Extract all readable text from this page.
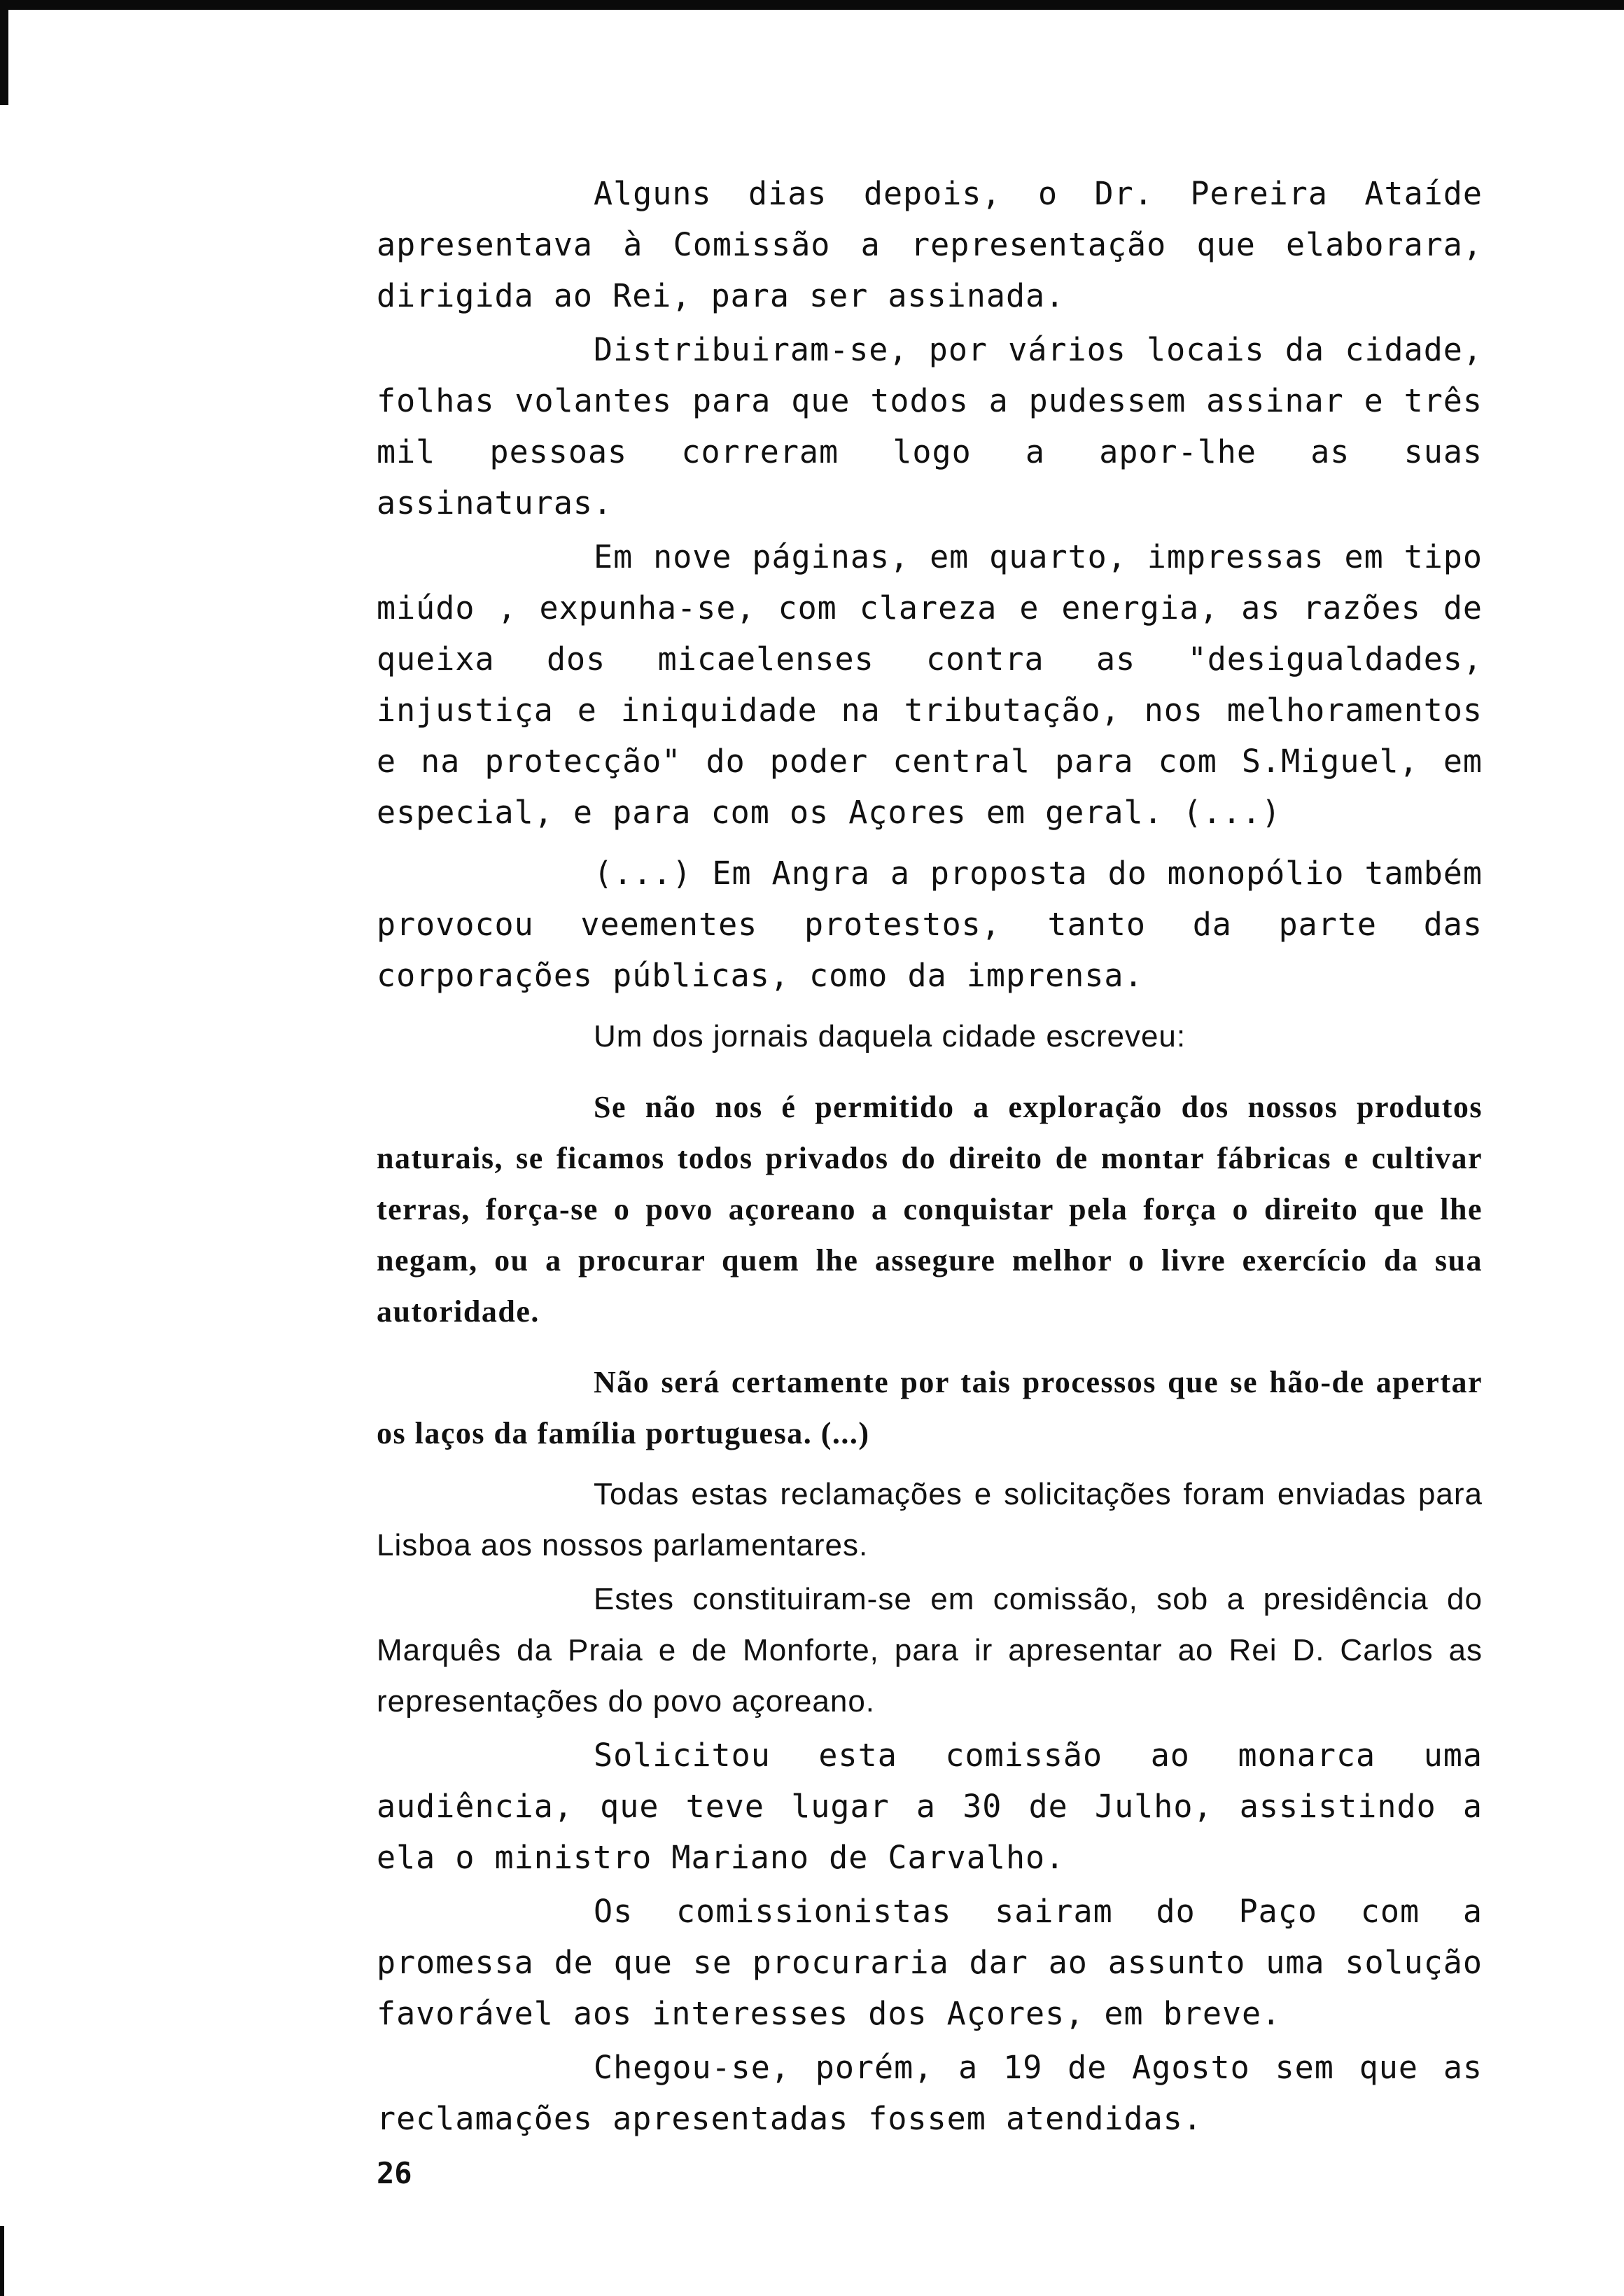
Alguns dias depois, o Dr. Pereira Ataíde apresentava à Comissão a representação que elaborara, dirigida ao Rei, para ser assinada.

Distribuiram-se, por vários locais da cidade, folhas volantes para que todos a pudessem assinar e três mil pessoas correram logo a apor-lhe as suas assinaturas.

Em nove páginas, em quarto, impressas em tipo miúdo , expunha-se, com clareza e energia, as razões de queixa dos micaelenses contra as "desigualdades, injustiça e iniquidade na tributação, nos melhoramentos e na protecção" do poder central para com S.Miguel, em especial, e para com os Açores em geral. (...)

(...) Em Angra a proposta do monopólio também provocou veementes protestos, tanto da parte das corporações públicas, como da imprensa.

Um dos jornais daquela cidade escreveu:

Se não nos é permitido a exploração dos nossos produtos naturais, se ficamos todos privados do direito de montar fábricas e cultivar terras, força-se o povo açoreano a conquistar pela força o direito que lhe negam, ou a procurar quem lhe assegure melhor o livre exercício da sua autoridade.

Não será certamente por tais processos que se hão-de apertar os laços da família portuguesa. (...)

Todas estas reclamações e solicitações foram enviadas para Lisboa aos nossos parlamentares.

Estes constituiram-se em comissão, sob a presidência do Marquês da Praia e de Monforte, para ir apresentar ao Rei D. Carlos as representações do povo açoreano.

Solicitou esta comissão ao monarca uma audiência, que teve lugar a 30 de Julho, assistindo a ela o ministro Mariano de Carvalho.

Os comissionistas sairam do Paço com a promessa de que se procuraria dar ao assunto uma solução favorável aos interesses dos Açores, em breve.

Chegou-se, porém, a 19 de Agosto sem que as reclamações apresentadas fossem atendidas.

26
